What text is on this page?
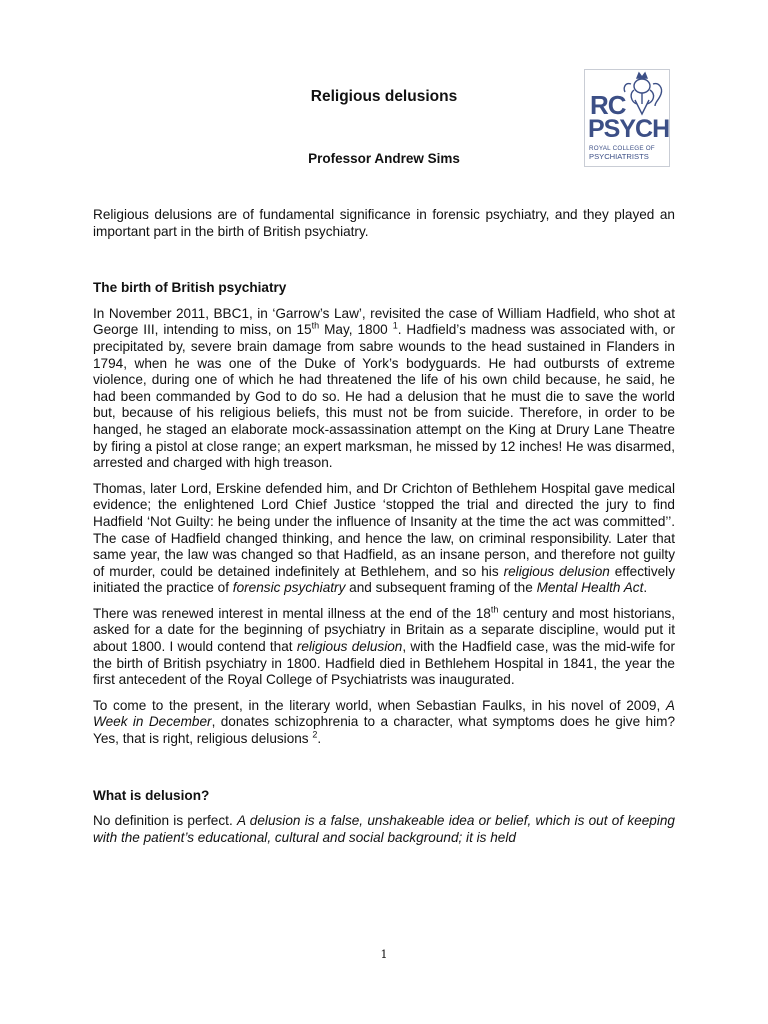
Religious delusions
Professor Andrew Sims
RC
PSYCH
ROYAL COLLEGE OF
PSYCHIATRISTS

Religious delusions are of fundamental significance in forensic psychiatry, and they played an important part in the birth of British psychiatry.

The birth of British psychiatry

In November 2011, BBC1, in ‘Garrow’s Law’, revisited the case of William Hadfield, who shot at George III, intending to miss, on 15th May, 1800 $^1$. Hadfield’s madness was associated with, or precipitated by, severe brain damage from sabre wounds to the head sustained in Flanders in 1794, when he was one of the Duke of York’s bodyguards. He had outbursts of extreme violence, during one of which he had threatened the life of his own child because, he said, he had been commanded by God to do so. He had a delusion that he must die to save the world but, because of his religious beliefs, this must not be from suicide. Therefore, in order to be hanged, he staged an elaborate mock-assassination attempt on the King at Drury Lane Theatre by firing a pistol at close range; an expert marksman, he missed by 12 inches! He was disarmed, arrested and charged with high treason.

Thomas, later Lord, Erskine defended him, and Dr Crichton of Bethlehem Hospital gave medical evidence; the enlightened Lord Chief Justice ‘stopped the trial and directed the jury to find Hadfield ‘Not Guilty: he being under the influence of Insanity at the time the act was committed’’. The case of Hadfield changed thinking, and hence the law, on criminal responsibility. Later that same year, the law was changed so that Hadfield, as an insane person, and therefore not guilty of murder, could be detained indefinitely at Bethlehem, and so his religious delusion effectively initiated the practice of forensic psychiatry and subsequent framing of the Mental Health Act.

There was renewed interest in mental illness at the end of the 18th century and most historians, asked for a date for the beginning of psychiatry in Britain as a separate discipline, would put it about 1800. I would contend that religious delusion, with the Hadfield case, was the mid-wife for the birth of British psychiatry in 1800. Hadfield died in Bethlehem Hospital in 1841, the year the first antecedent of the Royal College of Psychiatrists was inaugurated.

To come to the present, in the literary world, when Sebastian Faulks, in his novel of 2009, A Week in December, donates schizophrenia to a character, what symptoms does he give him? Yes, that is right, religious delusions $^2$.

What is delusion?

No definition is perfect. A delusion is a false, unshakeable idea or belief, which is out of keeping with the patient’s educational, cultural and social background; it is held

1
